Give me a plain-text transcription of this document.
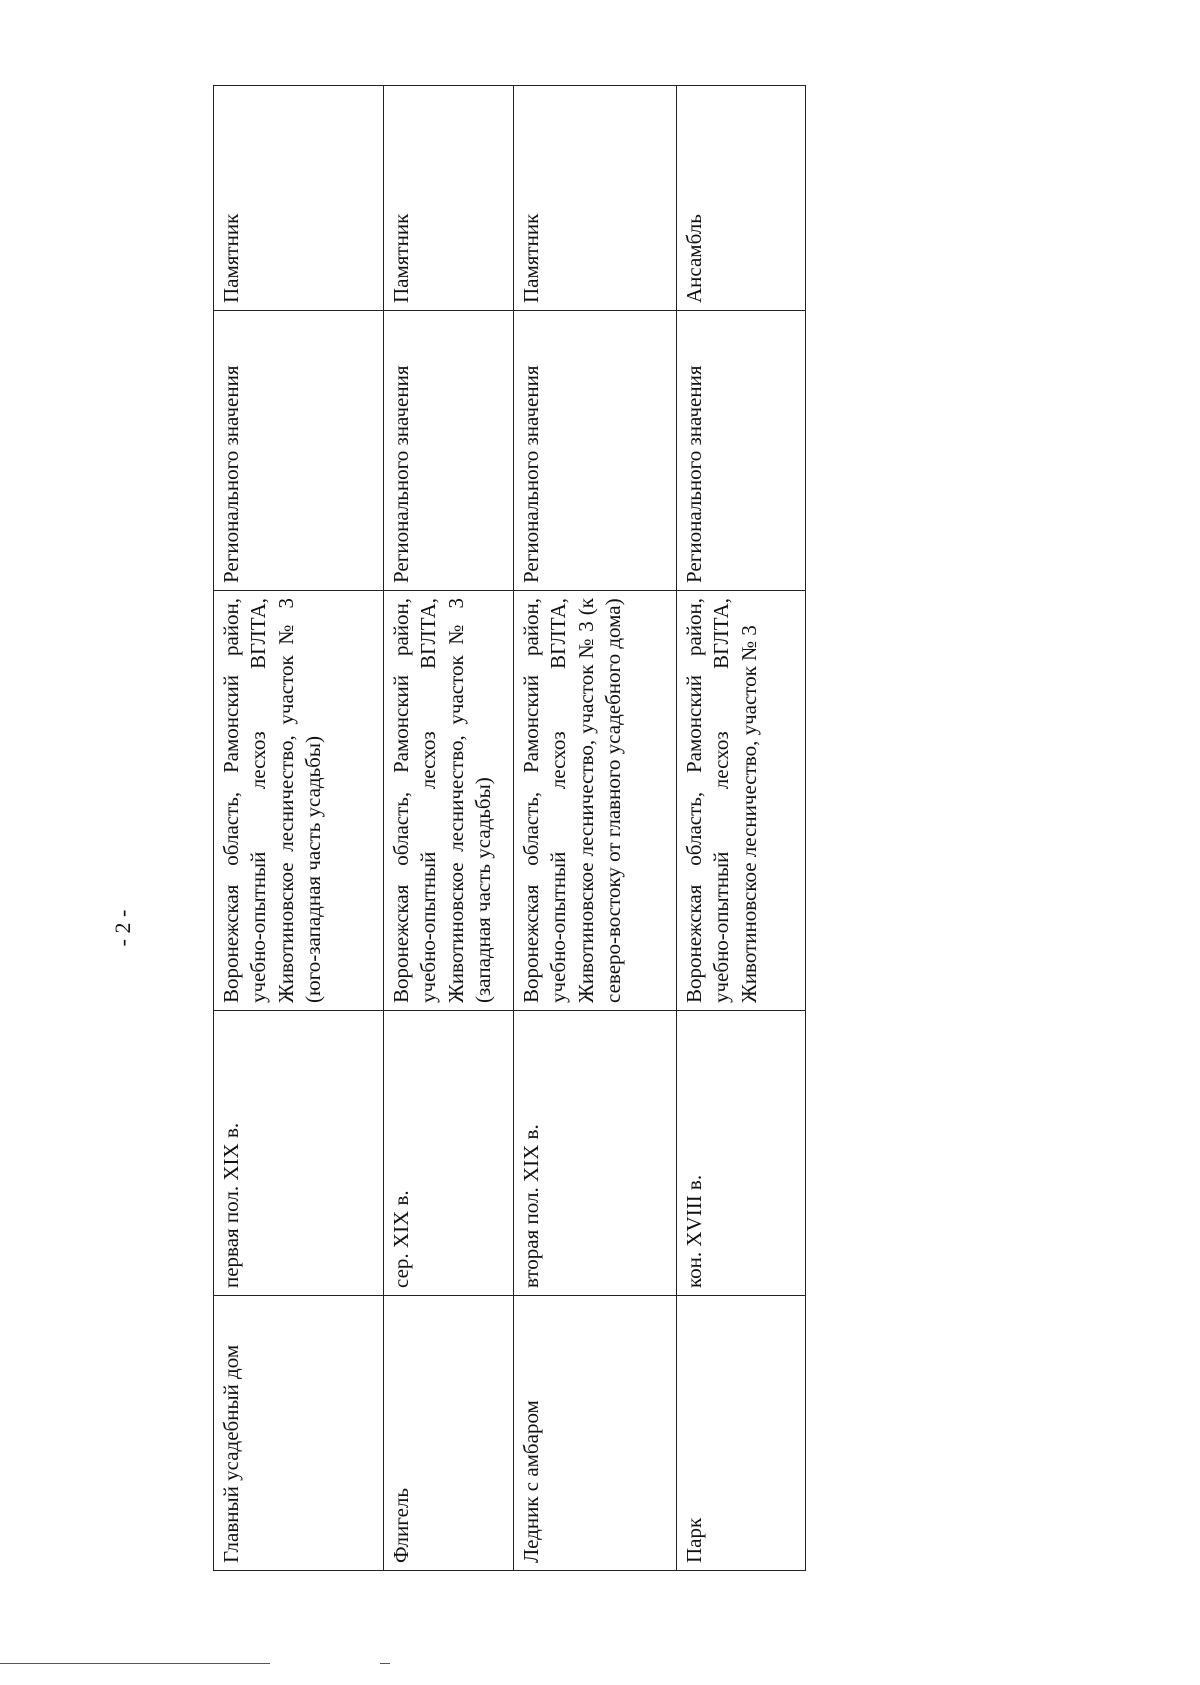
- 2 -
Главный усадебный дом	первая пол. XIX в.	Воронежская область, Рамонский район, учебно-опытный лесхоз ВГЛТА, Животиновское лесничество, участок № 3 (юго-западная часть усадьбы)	Регионального значения	Памятник
Флигель	сер. XIX в.	Воронежская область, Рамонский район, учебно-опытный лесхоз ВГЛТА, Животиновское лесничество, участок № 3 (западная часть усадьбы)	Регионального значения	Памятник
Ледник с амбаром	вторая пол. XIX в.	Воронежская область, Рамонский район, учебно-опытный лесхоз ВГЛТА, Животиновское лесничество, участок № 3 (к северо-востоку от главного усадебного дома)	Регионального значения	Памятник
Парк	кон. XVIII в.	Воронежская область, Рамонский район, учебно-опытный лесхоз ВГЛТА, Животиновское лесничество, участок № 3	Регионального значения	Ансамбль
